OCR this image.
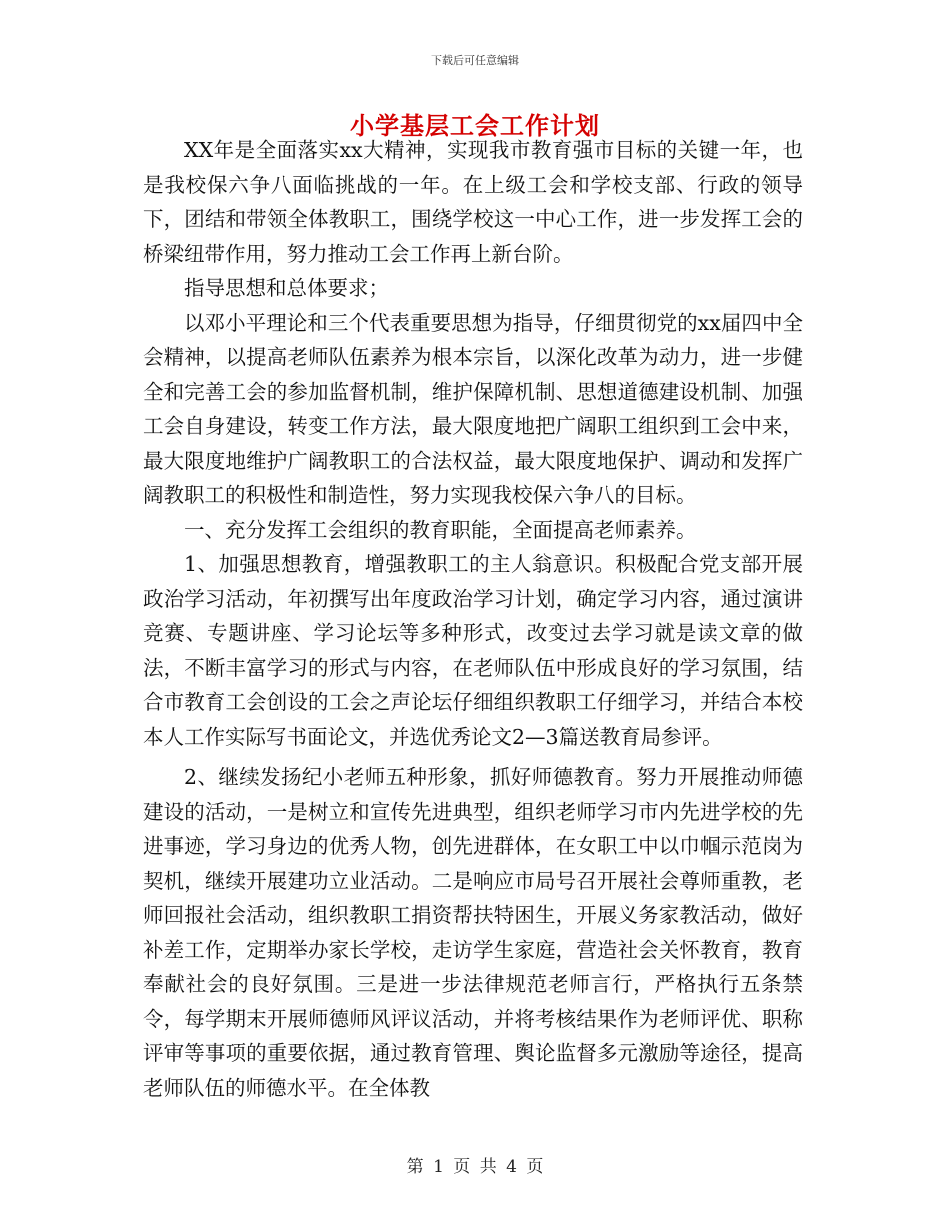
下载后可任意编辑
小学基层工会工作计划

XX年是全面落实xx大精神，实现我市教育强市目标的关键一年，也是我校保六争八面临挑战的一年。在上级工会和学校支部、行政的领导下，团结和带领全体教职工，围绕学校这一中心工作，进一步发挥工会的桥梁纽带作用，努力推动工会工作再上新台阶。

指导思想和总体要求；

以邓小平理论和三个代表重要思想为指导，仔细贯彻党的xx届四中全会精神，以提高老师队伍素养为根本宗旨，以深化改革为动力，进一步健全和完善工会的参加监督机制，维护保障机制、思想道德建设机制、加强工会自身建设，转变工作方法，最大限度地把广阔职工组织到工会中来，最大限度地维护广阔教职工的合法权益，最大限度地保护、调动和发挥广阔教职工的积极性和制造性，努力实现我校保六争八的目标。

一、充分发挥工会组织的教育职能，全面提高老师素养。

1、加强思想教育，增强教职工的主人翁意识。积极配合党支部开展政治学习活动，年初撰写出年度政治学习计划，确定学习内容，通过演讲竞赛、专题讲座、学习论坛等多种形式，改变过去学习就是读文章的做法，不断丰富学习的形式与内容，在老师队伍中形成良好的学习氛围，结合市教育工会创设的工会之声论坛仔细组织教职工仔细学习，并结合本校本人工作实际写书面论文，并选优秀论文2—3篇送教育局参评。

2、继续发扬纪小老师五种形象，抓好师德教育。努力开展推动师德建设的活动，一是树立和宣传先进典型，组织老师学习市内先进学校的先进事迹，学习身边的优秀人物，创先进群体，在女职工中以巾帼示范岗为契机，继续开展建功立业活动。二是响应市局号召开展社会尊师重教，老师回报社会活动，组织教职工捐资帮扶特困生，开展义务家教活动，做好补差工作，定期举办家长学校，走访学生家庭，营造社会关怀教育，教育奉献社会的良好氛围。三是进一步法律规范老师言行，严格执行五条禁令，每学期末开展师德师风评议活动，并将考核结果作为老师评优、职称评审等事项的重要依据，通过教育管理、舆论监督多元激励等途径，提高老师队伍的师德水平。在全体教

第 1 页 共 4 页
